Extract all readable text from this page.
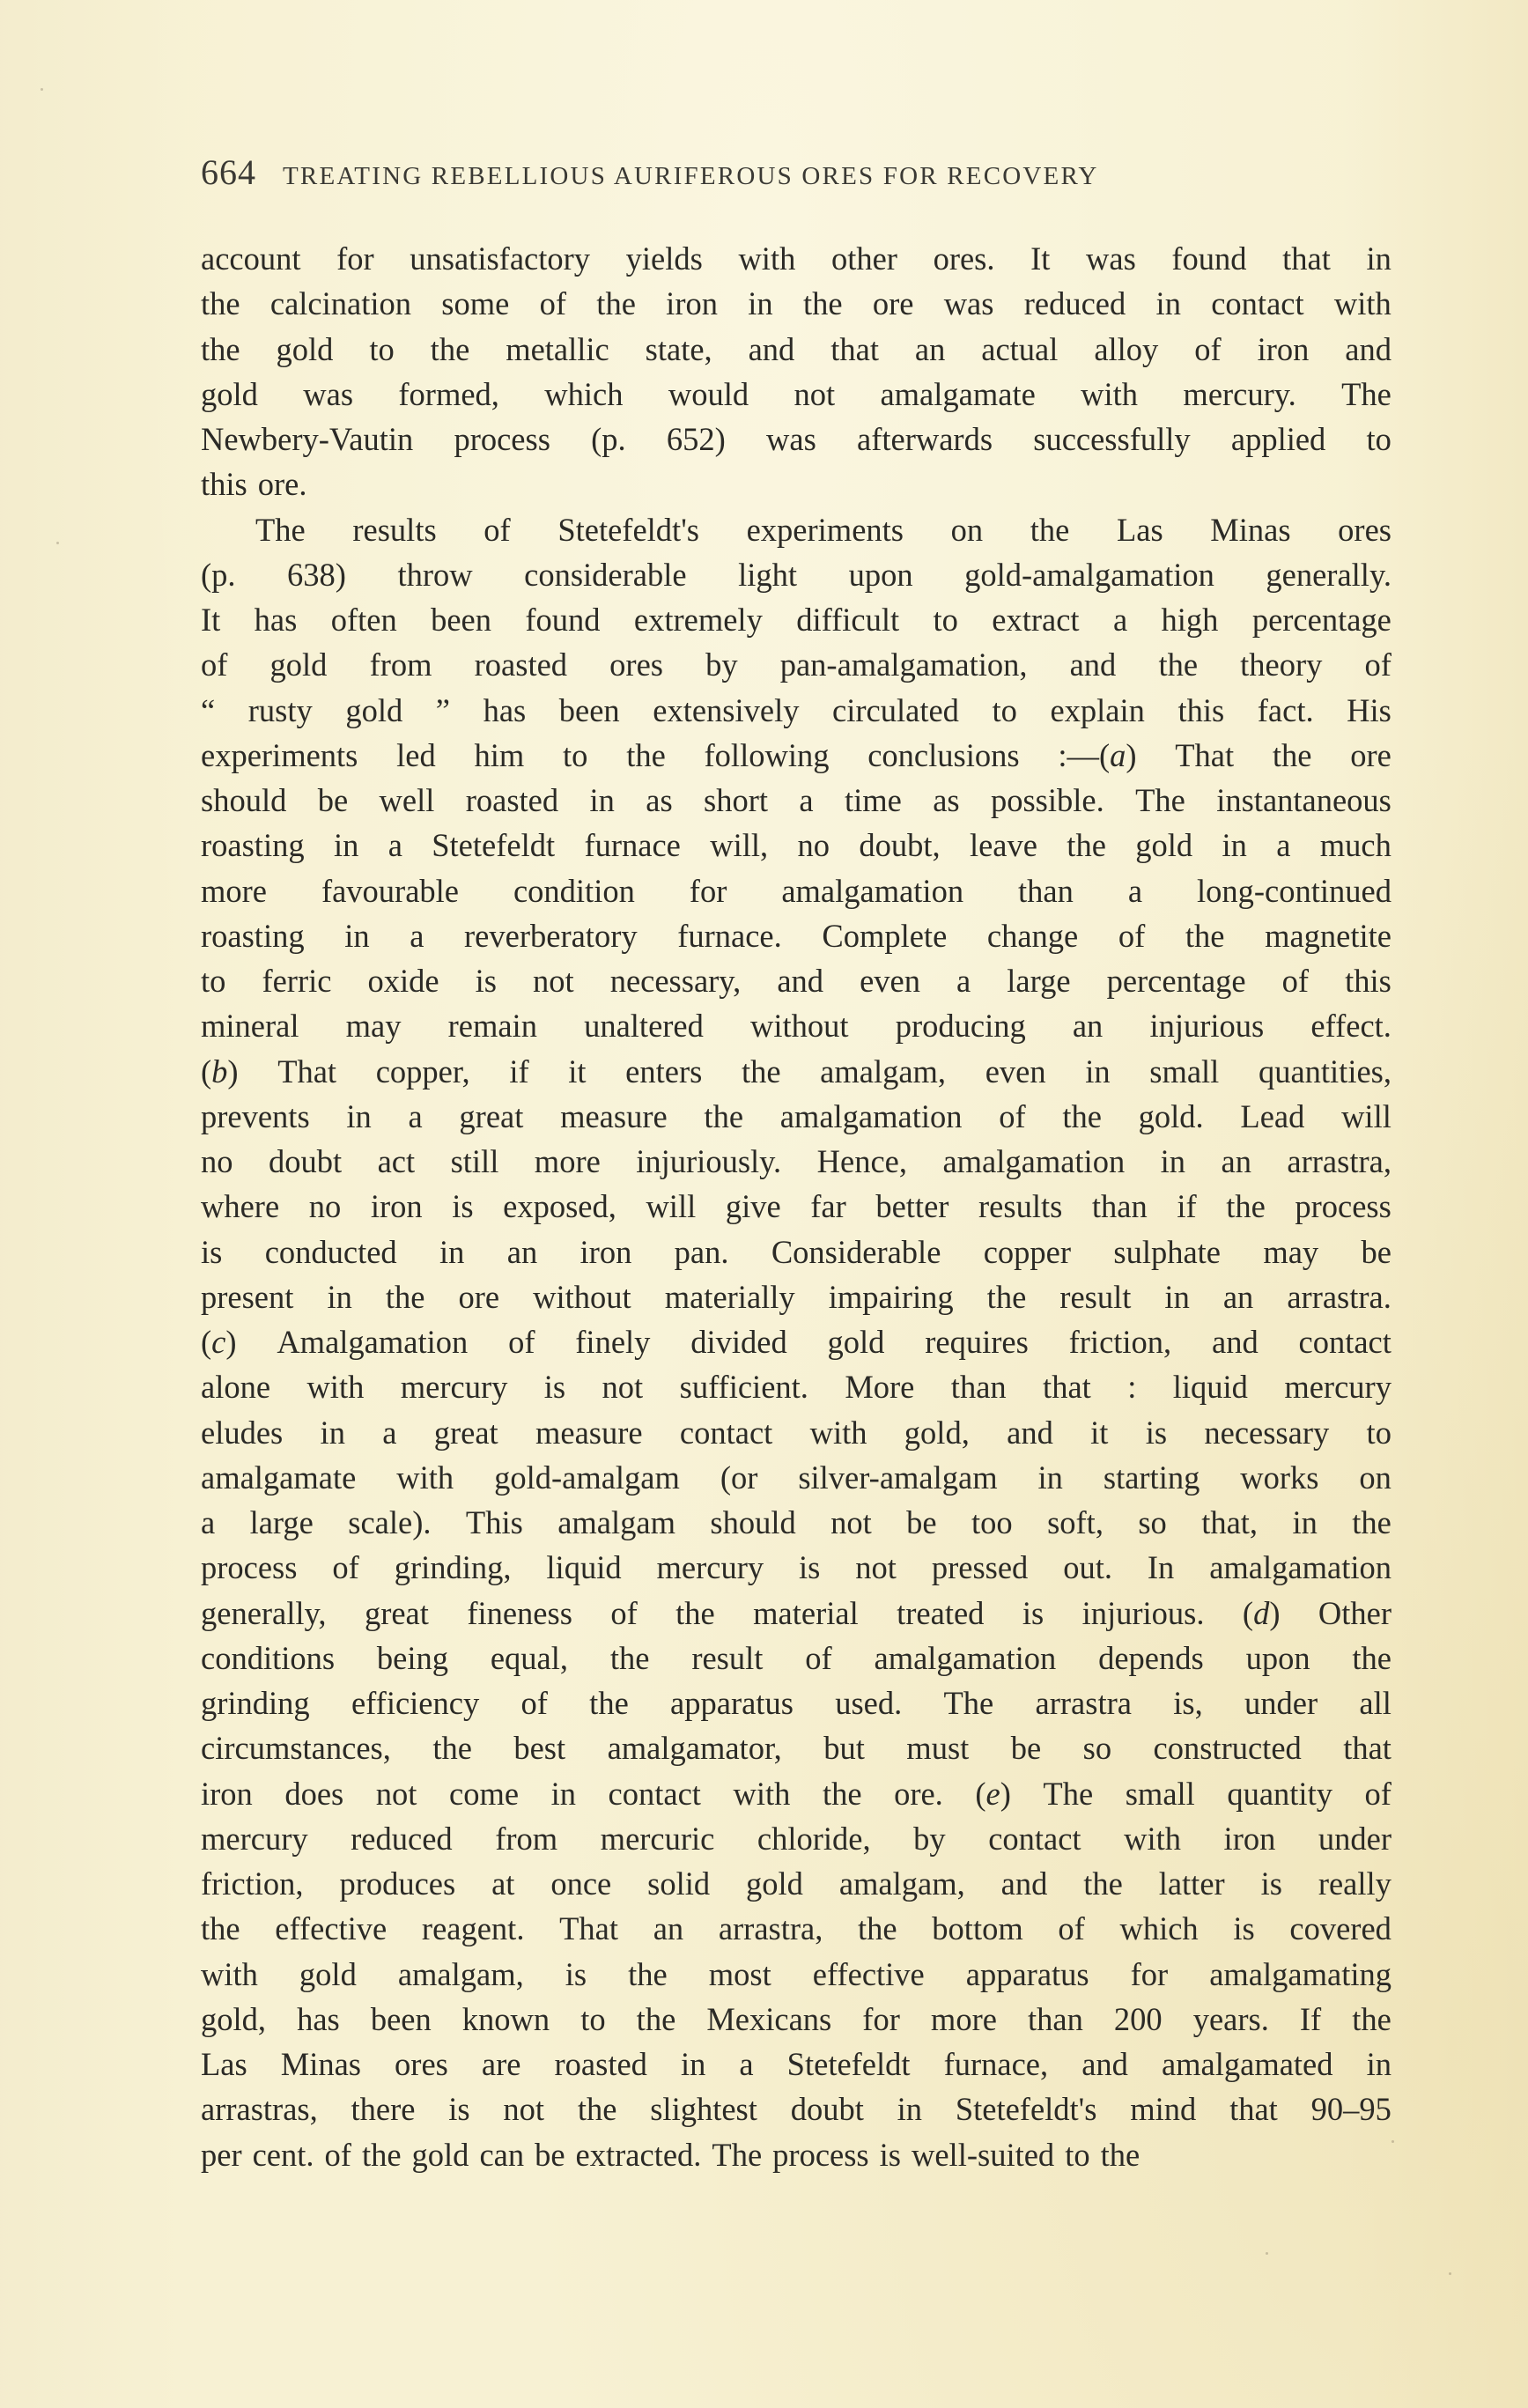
664 TREATING REBELLIOUS AURIFEROUS ORES FOR RECOVERY
account for unsatisfactory yields with other ores. It was found that in
the calcination some of the iron in the ore was reduced in contact with
the gold to the metallic state, and that an actual alloy of iron and
gold was formed, which would not amalgamate with mercury. The
Newbery-Vautin process (p. 652) was afterwards successfully applied to
this ore.
The results of Stetefeldt's experiments on the Las Minas ores
(p. 638) throw considerable light upon gold-amalgamation generally.
It has often been found extremely difficult to extract a high percentage
of gold from roasted ores by pan-amalgamation, and the theory of
“ rusty gold ” has been extensively circulated to explain this fact. His
experiments led him to the following conclusions :—(a) That the ore
should be well roasted in as short a time as possible. The instantaneous
roasting in a Stetefeldt furnace will, no doubt, leave the gold in a much
more favourable condition for amalgamation than a long-continued
roasting in a reverberatory furnace. Complete change of the magnetite
to ferric oxide is not necessary, and even a large percentage of this
mineral may remain unaltered without producing an injurious effect.
(b) That copper, if it enters the amalgam, even in small quantities,
prevents in a great measure the amalgamation of the gold. Lead will
no doubt act still more injuriously. Hence, amalgamation in an arrastra,
where no iron is exposed, will give far better results than if the process
is conducted in an iron pan. Considerable copper sulphate may be
present in the ore without materially impairing the result in an arrastra.
(c) Amalgamation of finely divided gold requires friction, and contact
alone with mercury is not sufficient. More than that : liquid mercury
eludes in a great measure contact with gold, and it is necessary to
amalgamate with gold-amalgam (or silver-amalgam in starting works on
a large scale). This amalgam should not be too soft, so that, in the
process of grinding, liquid mercury is not pressed out. In amalgamation
generally, great fineness of the material treated is injurious. (d) Other
conditions being equal, the result of amalgamation depends upon the
grinding efficiency of the apparatus used. The arrastra is, under all
circumstances, the best amalgamator, but must be so constructed that
iron does not come in contact with the ore. (e) The small quantity of
mercury reduced from mercuric chloride, by contact with iron under
friction, produces at once solid gold amalgam, and the latter is really
the effective reagent. That an arrastra, the bottom of which is covered
with gold amalgam, is the most effective apparatus for amalgamating
gold, has been known to the Mexicans for more than 200 years. If the
Las Minas ores are roasted in a Stetefeldt furnace, and amalgamated in
arrastras, there is not the slightest doubt in Stetefeldt's mind that 90–95
per cent. of the gold can be extracted. The process is well-suited to the
